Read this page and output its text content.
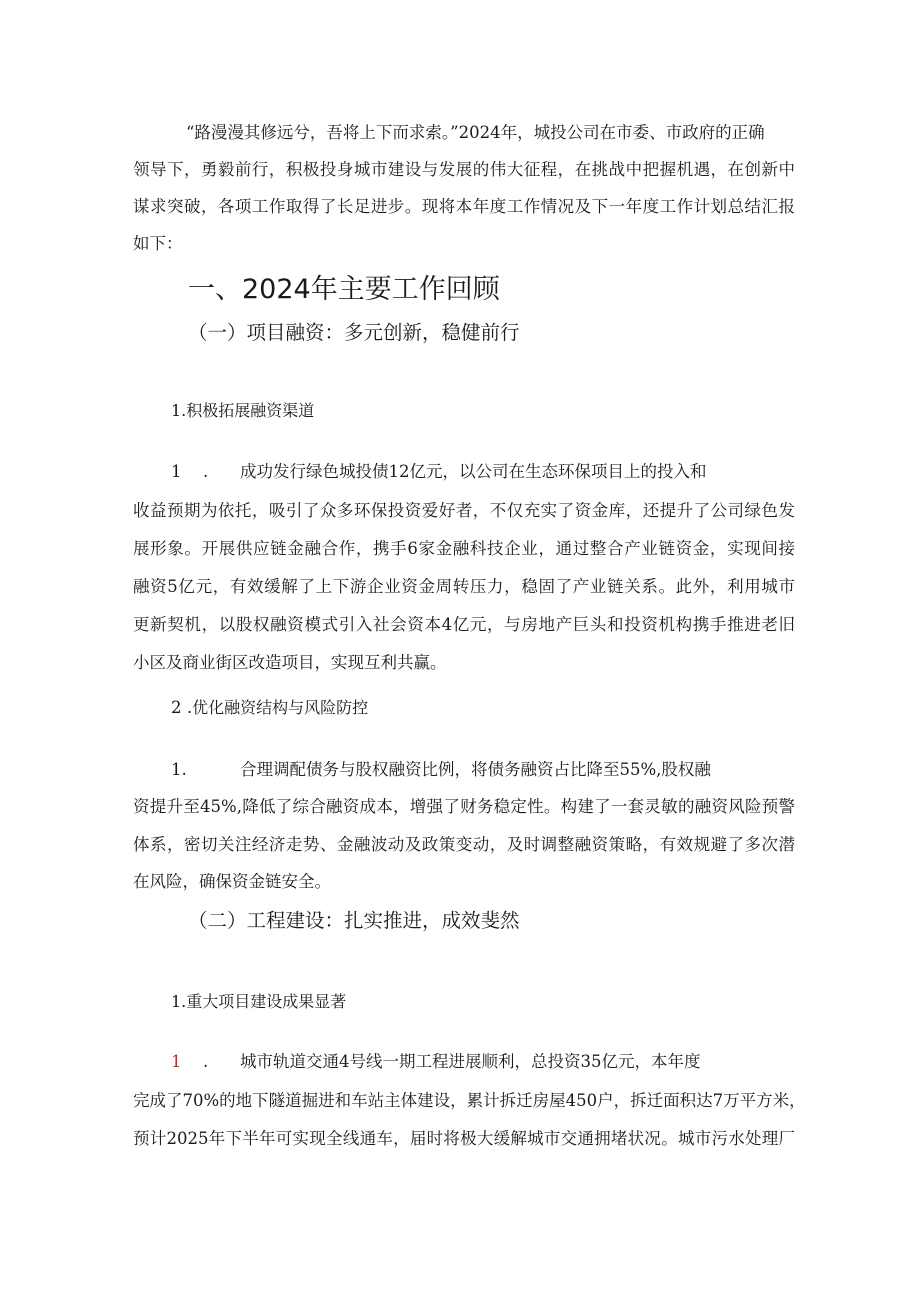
“路漫漫其修远兮，吾将上下而求索。”2024年，城投公司在市委、市政府的正确
领导下，勇毅前行，积极投身城市建设与发展的伟大征程，在挑战中把握机遇，在创新中
谋求突破，各项工作取得了长足进步。现将本年度工作情况及下一年度工作计划总结汇报
如下：
一、2024年主要工作回顾
（一）项目融资：多元创新，稳健前行
1.积极拓展融资渠道
1 . 成功发行绿色城投债12亿元，以公司在生态环保项目上的投入和
收益预期为依托，吸引了众多环保投资爱好者，不仅充实了资金库，还提升了公司绿色发
展形象。开展供应链金融合作，携手6家金融科技企业，通过整合产业链资金，实现间接
融资5亿元，有效缓解了上下游企业资金周转压力，稳固了产业链关系。此外，利用城市
更新契机，以股权融资模式引入社会资本4亿元，与房地产巨头和投资机构携手推进老旧
小区及商业街区改造项目，实现互利共赢。
2 .优化融资结构与风险防控
1.	合理调配债务与股权融资比例，将债务融资占比降至55%,股权融
资提升至45%,降低了综合融资成本，增强了财务稳定性。构建了一套灵敏的融资风险预警
体系，密切关注经济走势、金融波动及政策变动，及时调整融资策略，有效规避了多次潜
在风险，确保资金链安全。
（二）工程建设：扎实推进，成效斐然
1.重大项目建设成果显著
1 . 城市轨道交通4号线一期工程进展顺利，总投资35亿元，本年度
完成了70%的地下隧道掘进和车站主体建设，累计拆迁房屋450户，拆迁面积达7万平方米，
预计2025年下半年可实现全线通车，届时将极大缓解城市交通拥堵状况。城市污水处理厂
